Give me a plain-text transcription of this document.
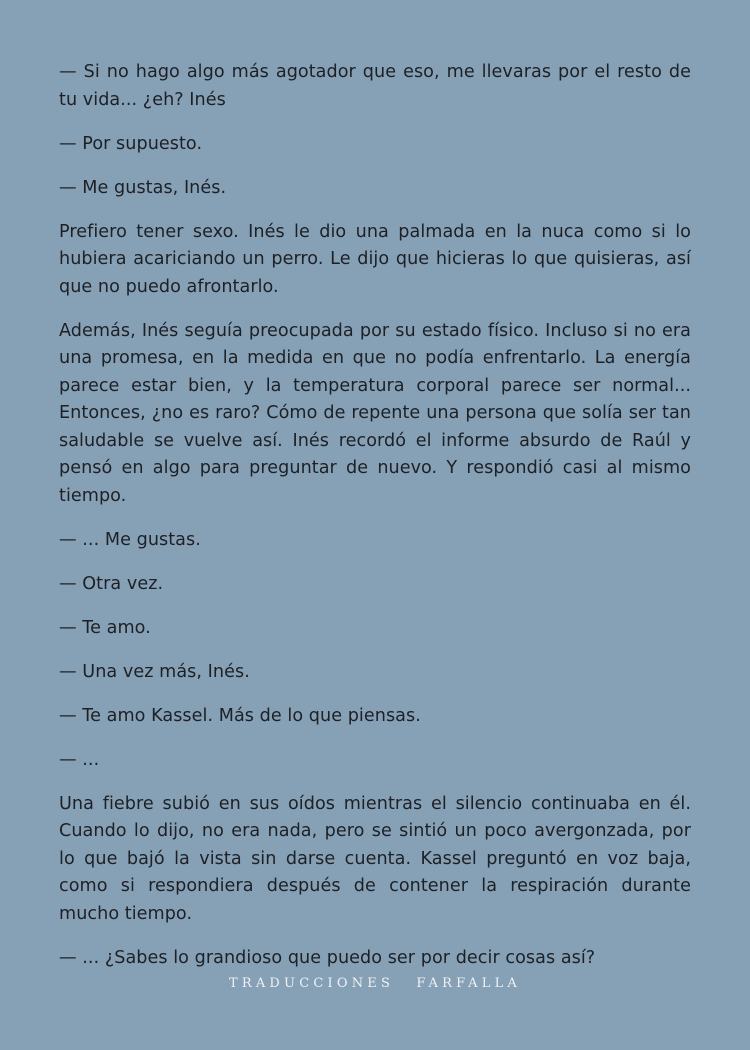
— Si no hago algo más agotador que eso, me llevaras por el resto de tu vida... ¿eh? Inés

— Por supuesto.

— Me gustas, Inés.

Prefiero tener sexo. Inés le dio una palmada en la nuca como si lo hubiera acariciando un perro. Le dijo que hicieras lo que quisieras, así que no puedo afrontarlo.

Además, Inés seguía preocupada por su estado físico. Incluso si no era una promesa, en la medida en que no podía enfrentarlo. La energía parece estar bien, y la temperatura corporal parece ser normal... Entonces, ¿no es raro? Cómo de repente una persona que solía ser tan saludable se vuelve así. Inés recordó el informe absurdo de Raúl y pensó en algo para preguntar de nuevo. Y respondió casi al mismo tiempo.

— ... Me gustas.

— Otra vez.

— Te amo.

— Una vez más, Inés.

— Te amo Kassel. Más de lo que piensas.

— ...

Una fiebre subió en sus oídos mientras el silencio continuaba en él. Cuando lo dijo, no era nada, pero se sintió un poco avergonzada, por lo que bajó la vista sin darse cuenta. Kassel preguntó en voz baja, como si respondiera después de contener la respiración durante mucho tiempo.

— ... ¿Sabes lo grandioso que puedo ser por decir cosas así?

TRADUCCIONES FARFALLA
